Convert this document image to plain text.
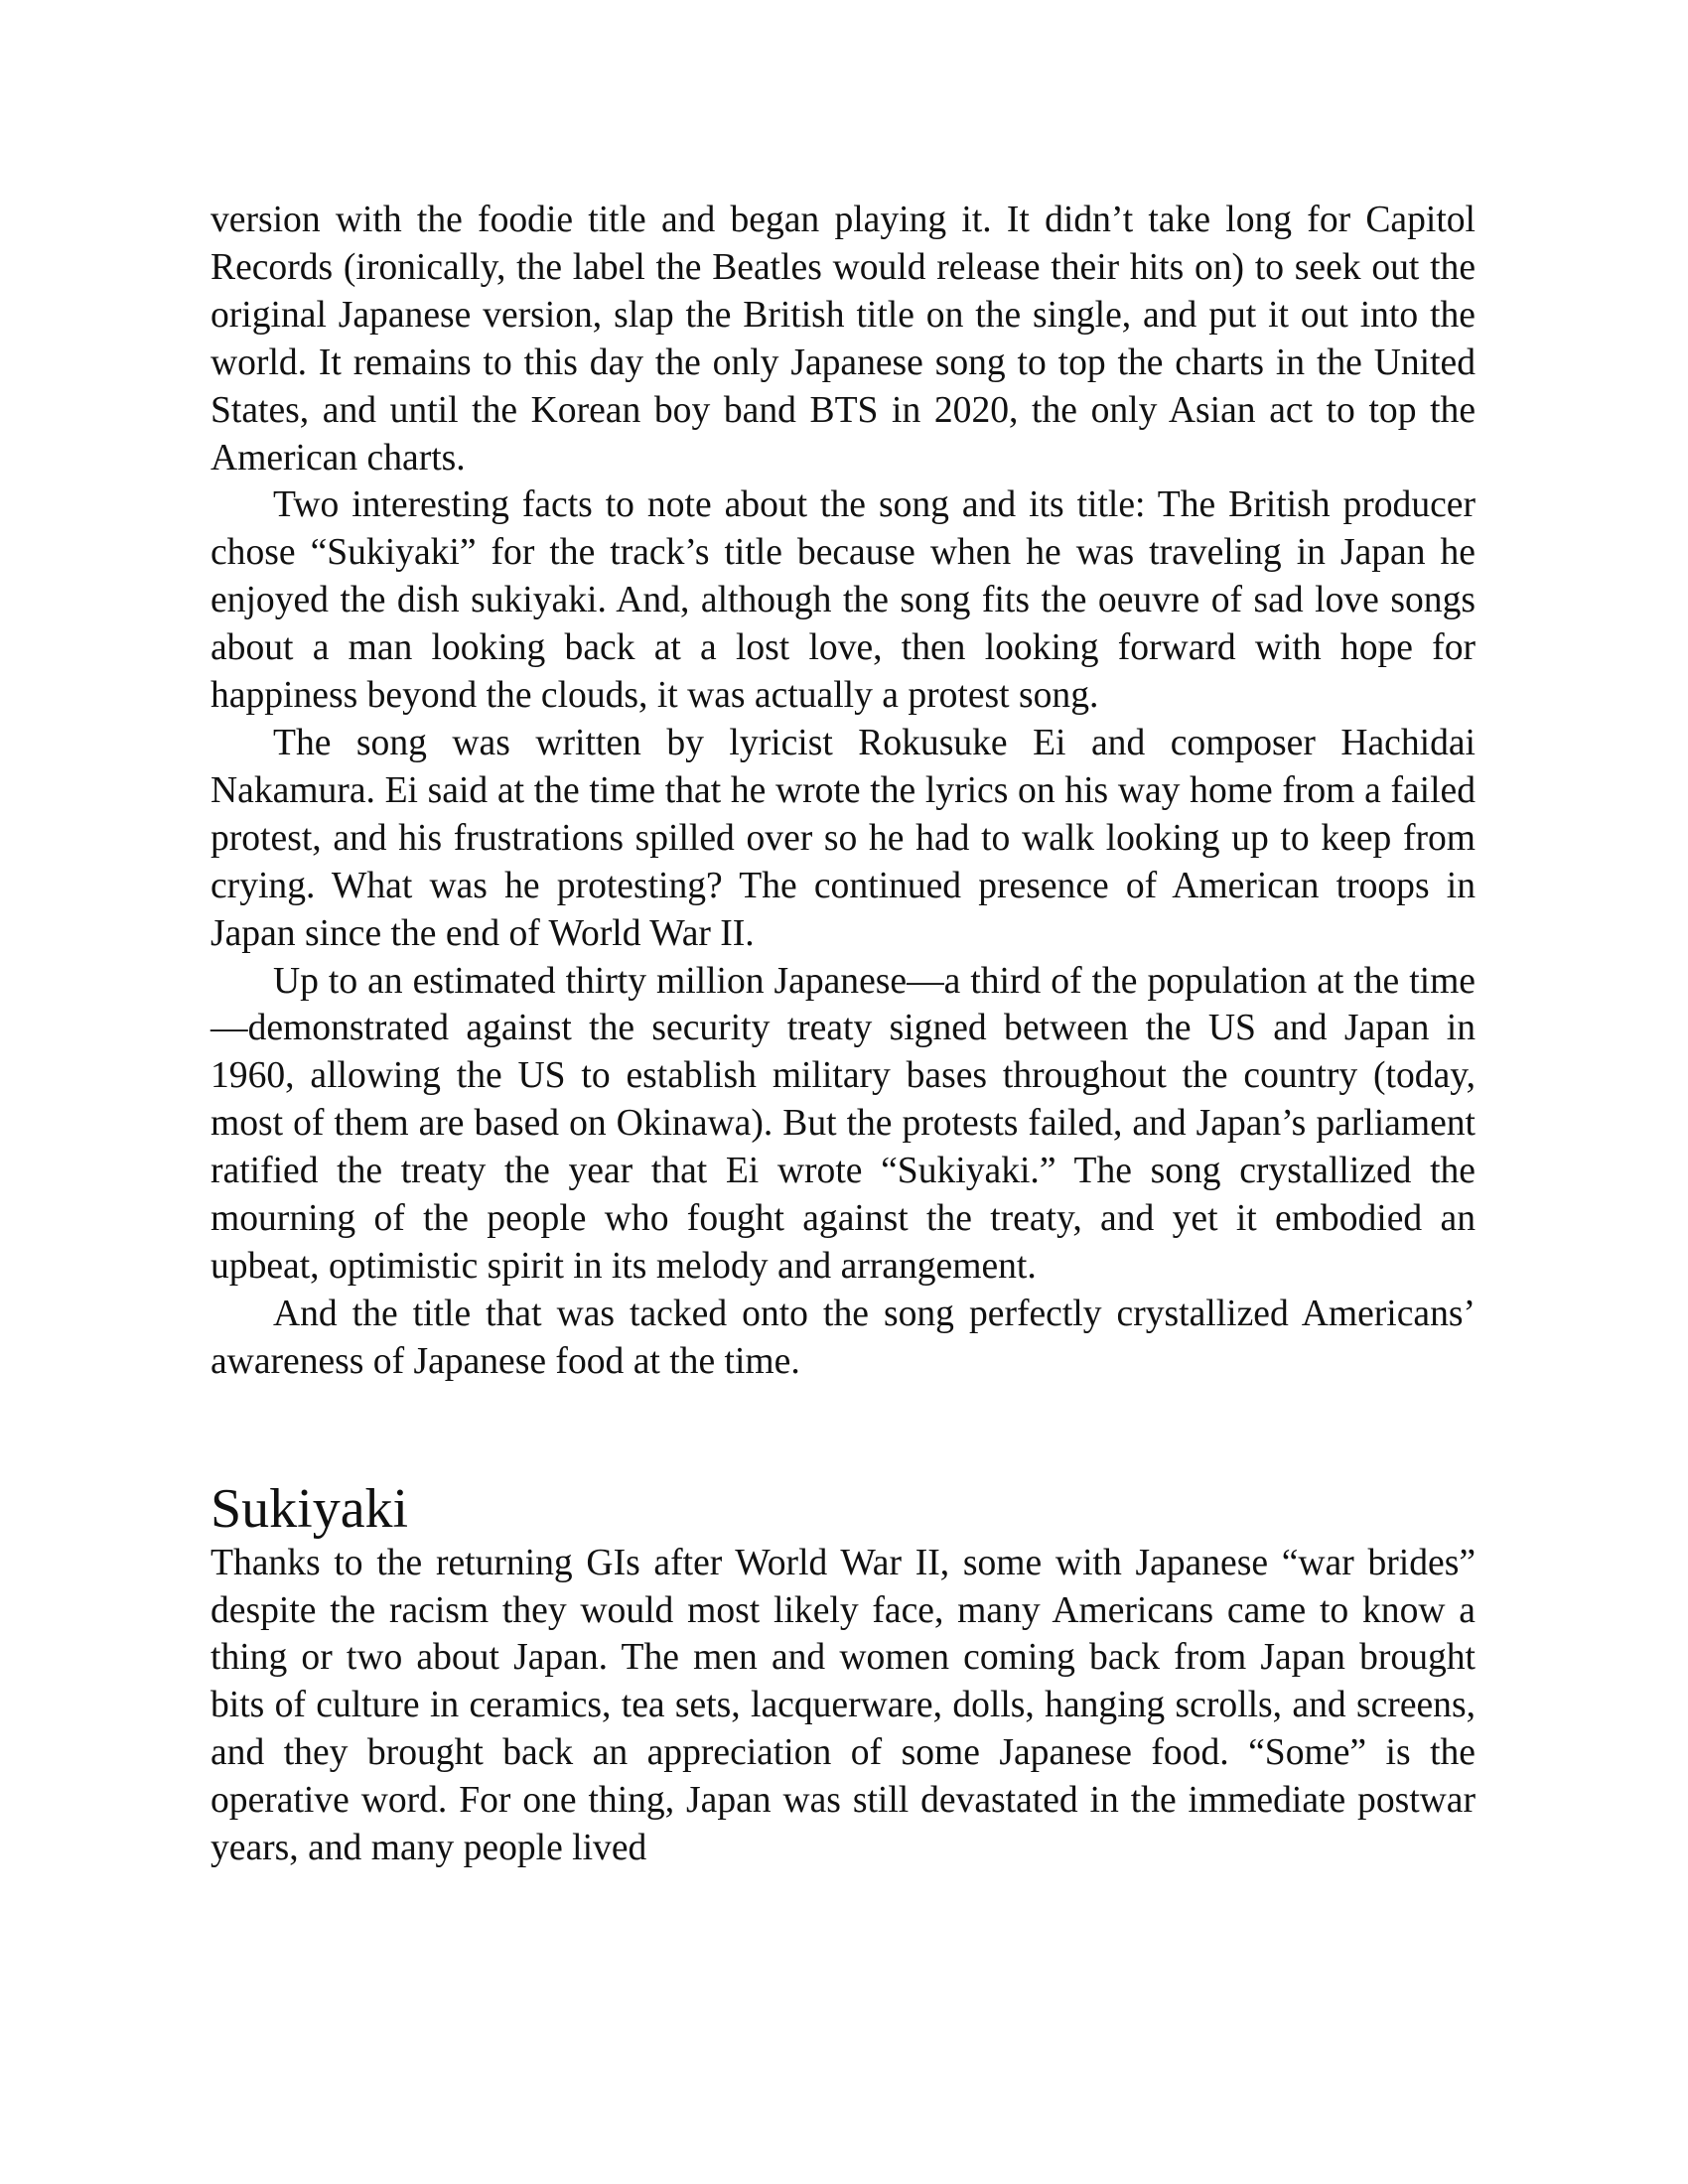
version with the foodie title and began playing it. It didn’t take long for Capitol Records (ironically, the label the Beatles would release their hits on) to seek out the original Japanese version, slap the British title on the single, and put it out into the world. It remains to this day the only Japanese song to top the charts in the United States, and until the Korean boy band BTS in 2020, the only Asian act to top the American charts.

Two interesting facts to note about the song and its title: The British producer chose “Sukiyaki” for the track’s title because when he was traveling in Japan he enjoyed the dish sukiyaki. And, although the song fits the oeuvre of sad love songs about a man looking back at a lost love, then looking forward with hope for happiness beyond the clouds, it was actually a protest song.

The song was written by lyricist Rokusuke Ei and composer Hachidai Nakamura. Ei said at the time that he wrote the lyrics on his way home from a failed protest, and his frustrations spilled over so he had to walk looking up to keep from crying. What was he protesting? The continued presence of American troops in Japan since the end of World War II.

Up to an estimated thirty million Japanese—a third of the population at the time—demonstrated against the security treaty signed between the US and Japan in 1960, allowing the US to establish military bases throughout the country (today, most of them are based on Okinawa). But the protests failed, and Japan’s parliament ratified the treaty the year that Ei wrote “Sukiyaki.” The song crystallized the mourning of the people who fought against the treaty, and yet it embodied an upbeat, optimistic spirit in its melody and arrangement.

And the title that was tacked onto the song perfectly crystallized Americans’ awareness of Japanese food at the time.

Sukiyaki

Thanks to the returning GIs after World War II, some with Japanese “war brides” despite the racism they would most likely face, many Americans came to know a thing or two about Japan. The men and women coming back from Japan brought bits of culture in ceramics, tea sets, lacquerware, dolls, hanging scrolls, and screens, and they brought back an appreciation of some Japanese food. “Some” is the operative word. For one thing, Japan was still devastated in the immediate postwar years, and many people lived
